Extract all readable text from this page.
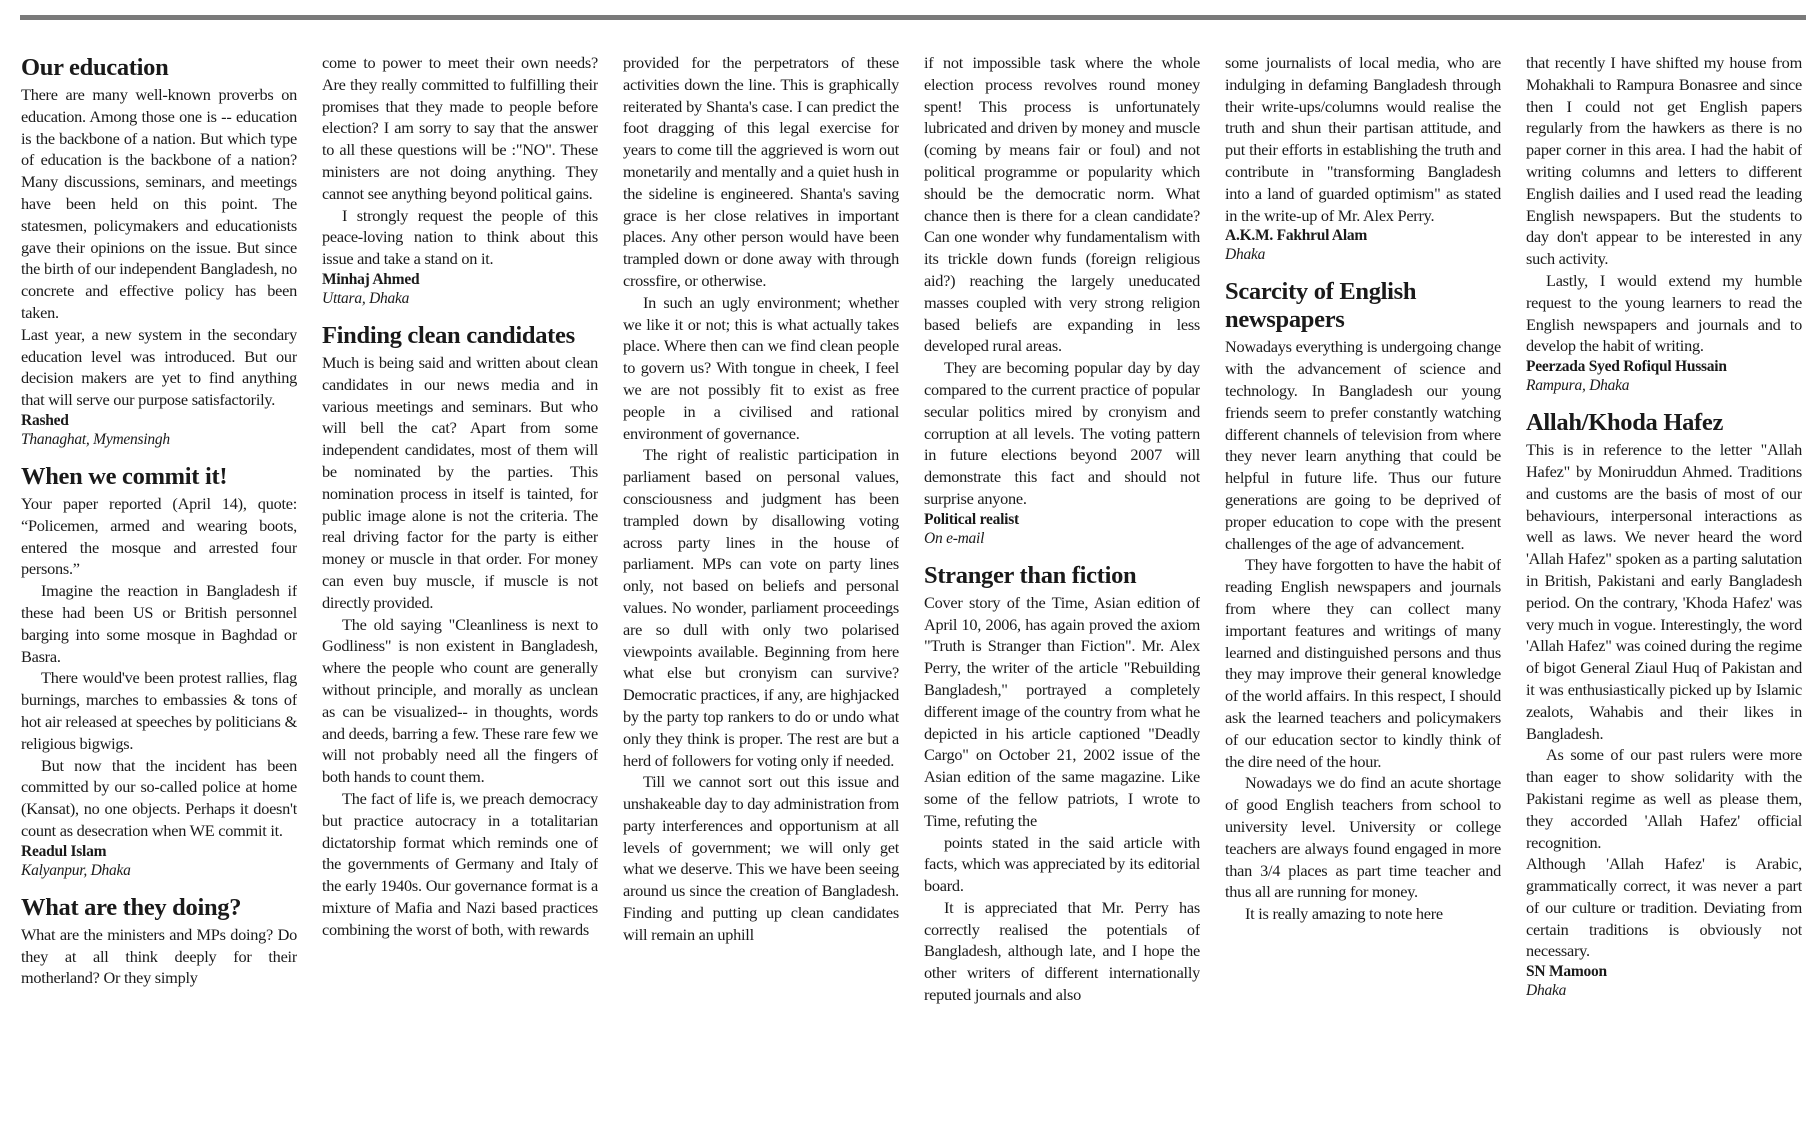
Our education

There are many well-known proverbs on education. Among those one is -- education is the backbone of a nation. But which type of education is the backbone of a nation? Many discussions, seminars, and meetings have been held on this point. The statesmen, policymakers and educationists gave their opinions on the issue. But since the birth of our independent Bangladesh, no concrete and effective policy has been taken.

Last year, a new system in the secondary education level was introduced. But our decision makers are yet to find anything that will serve our purpose satisfactorily.

Rashed
Thanaghat, Mymensingh
When we commit it!

Your paper reported (April 14), quote: “Policemen, armed and wearing boots, entered the mosque and arrested four persons.”

Imagine the reaction in Bangladesh if these had been US or British personnel barging into some mosque in Baghdad or Basra.

There would've been protest rallies, flag burnings, marches to embassies & tons of hot air released at speeches by politicians & religious bigwigs.

But now that the incident has been committed by our so-called police at home (Kansat), no one objects. Perhaps it doesn't count as desecration when WE commit it.

Readul Islam
Kalyanpur, Dhaka
What are they doing?

What are the ministers and MPs doing? Do they at all think deeply for their motherland? Or they simply

come to power to meet their own needs? Are they really committed to fulfilling their promises that they made to people before election? I am sorry to say that the answer to all these questions will be :"NO". These ministers are not doing anything. They cannot see anything beyond political gains.

I strongly request the people of this peace-loving nation to think about this issue and take a stand on it.

Minhaj Ahmed
Uttara, Dhaka
Finding clean candidates

Much is being said and written about clean candidates in our news media and in various meetings and seminars. But who will bell the cat? Apart from some independent candidates, most of them will be nominated by the parties. This nomination process in itself is tainted, for public image alone is not the criteria. The real driving factor for the party is either money or muscle in that order. For money can even buy muscle, if muscle is not directly provided.

The old saying "Cleanliness is next to Godliness" is non existent in Bangladesh, where the people who count are generally without principle, and morally as unclean as can be visualized-- in thoughts, words and deeds, barring a few. These rare few we will not probably need all the fingers of both hands to count them.

The fact of life is, we preach democracy but practice autocracy in a totalitarian dictatorship format which reminds one of the governments of Germany and Italy of the early 1940s. Our governance format is a mixture of Mafia and Nazi based practices combining the worst of both, with rewards

provided for the perpetrators of these activities down the line. This is graphically reiterated by Shanta's case. I can predict the foot dragging of this legal exercise for years to come till the aggrieved is worn out monetarily and mentally and a quiet hush in the sideline is engineered. Shanta's saving grace is her close relatives in important places. Any other person would have been trampled down or done away with through crossfire, or otherwise.

In such an ugly environment; whether we like it or not; this is what actually takes place. Where then can we find clean people to govern us? With tongue in cheek, I feel we are not possibly fit to exist as free people in a civilised and rational environment of governance.

The right of realistic participation in parliament based on personal values, consciousness and judgment has been trampled down by disallowing voting across party lines in the house of parliament. MPs can vote on party lines only, not based on beliefs and personal values. No wonder, parliament proceedings are so dull with only two polarised viewpoints available. Beginning from here what else but cronyism can survive? Democratic practices, if any, are highjacked by the party top rankers to do or undo what only they think is proper. The rest are but a herd of followers for voting only if needed.

Till we cannot sort out this issue and unshakeable day to day administration from party interferences and opportunism at all levels of government; we will only get what we deserve. This we have been seeing around us since the creation of Bangladesh. Finding and putting up clean candidates will remain an uphill

if not impossible task where the whole election process revolves round money spent! This process is unfortunately lubricated and driven by money and muscle (coming by means fair or foul) and not political programme or popularity which should be the democratic norm. What chance then is there for a clean candidate? Can one wonder why fundamentalism with its trickle down funds (foreign religious aid?) reaching the largely uneducated masses coupled with very strong religion based beliefs are expanding in less developed rural areas.

They are becoming popular day by day compared to the current practice of popular secular politics mired by cronyism and corruption at all levels. The voting pattern in future elections beyond 2007 will demonstrate this fact and should not surprise anyone.

Political realist
On e-mail
Stranger than fiction

Cover story of the Time, Asian edition of April 10, 2006, has again proved the axiom "Truth is Stranger than Fiction". Mr. Alex Perry, the writer of the article "Rebuilding Bangladesh," portrayed a completely different image of the country from what he depicted in his article captioned "Deadly Cargo" on October 21, 2002 issue of the Asian edition of the same magazine. Like some of the fellow patriots, I wrote to Time, refuting the

points stated in the said article with facts, which was appreciated by its editorial board.

It is appreciated that Mr. Perry has correctly realised the potentials of Bangladesh, although late, and I hope the other writers of different internationally reputed journals and also

some journalists of local media, who are indulging in defaming Bangladesh through their write-ups/columns would realise the truth and shun their partisan attitude, and put their efforts in establishing the truth and contribute in "transforming Bangladesh into a land of guarded optimism" as stated in the write-up of Mr. Alex Perry.

A.K.M. Fakhrul Alam
Dhaka
Scarcity of English newspapers

Nowadays everything is undergoing change with the advancement of science and technology. In Bangladesh our young friends seem to prefer constantly watching different channels of television from where they never learn anything that could be helpful in future life. Thus our future generations are going to be deprived of proper education to cope with the present challenges of the age of advancement.

They have forgotten to have the habit of reading English newspapers and journals from where they can collect many important features and writings of many learned and distinguished persons and thus they may improve their general knowledge of the world affairs. In this respect, I should ask the learned teachers and policymakers of our education sector to kindly think of the dire need of the hour.

Nowadays we do find an acute shortage of good English teachers from school to university level. University or college teachers are always found engaged in more than 3/4 places as part time teacher and thus all are running for money.

It is really amazing to note here

that recently I have shifted my house from Mohakhali to Rampura Bonasree and since then I could not get English papers regularly from the hawkers as there is no paper corner in this area. I had the habit of writing columns and letters to different English dailies and I used read the leading English newspapers. But the students to day don't appear to be interested in any such activity.

Lastly, I would extend my humble request to the young learners to read the English newspapers and journals and to develop the habit of writing.

Peerzada Syed Rofiqul Hussain
Rampura, Dhaka
Allah/Khoda Hafez

This is in reference to the letter "Allah Hafez" by Moniruddun Ahmed. Traditions and customs are the basis of most of our behaviours, interpersonal interactions as well as laws. We never heard the word 'Allah Hafez" spoken as a parting salutation in British, Pakistani and early Bangladesh period. On the contrary, 'Khoda Hafez' was very much in vogue. Interestingly, the word 'Allah Hafez" was coined during the regime of bigot General Ziaul Huq of Pakistan and it was enthusiastically picked up by Islamic zealots, Wahabis and their likes in Bangladesh.

As some of our past rulers were more than eager to show solidarity with the Pakistani regime as well as please them, they accorded 'Allah Hafez' official recognition.

Although 'Allah Hafez' is Arabic, grammatically correct, it was never a part of our culture or tradition. Deviating from certain traditions is obviously not necessary.

SN Mamoon
Dhaka
